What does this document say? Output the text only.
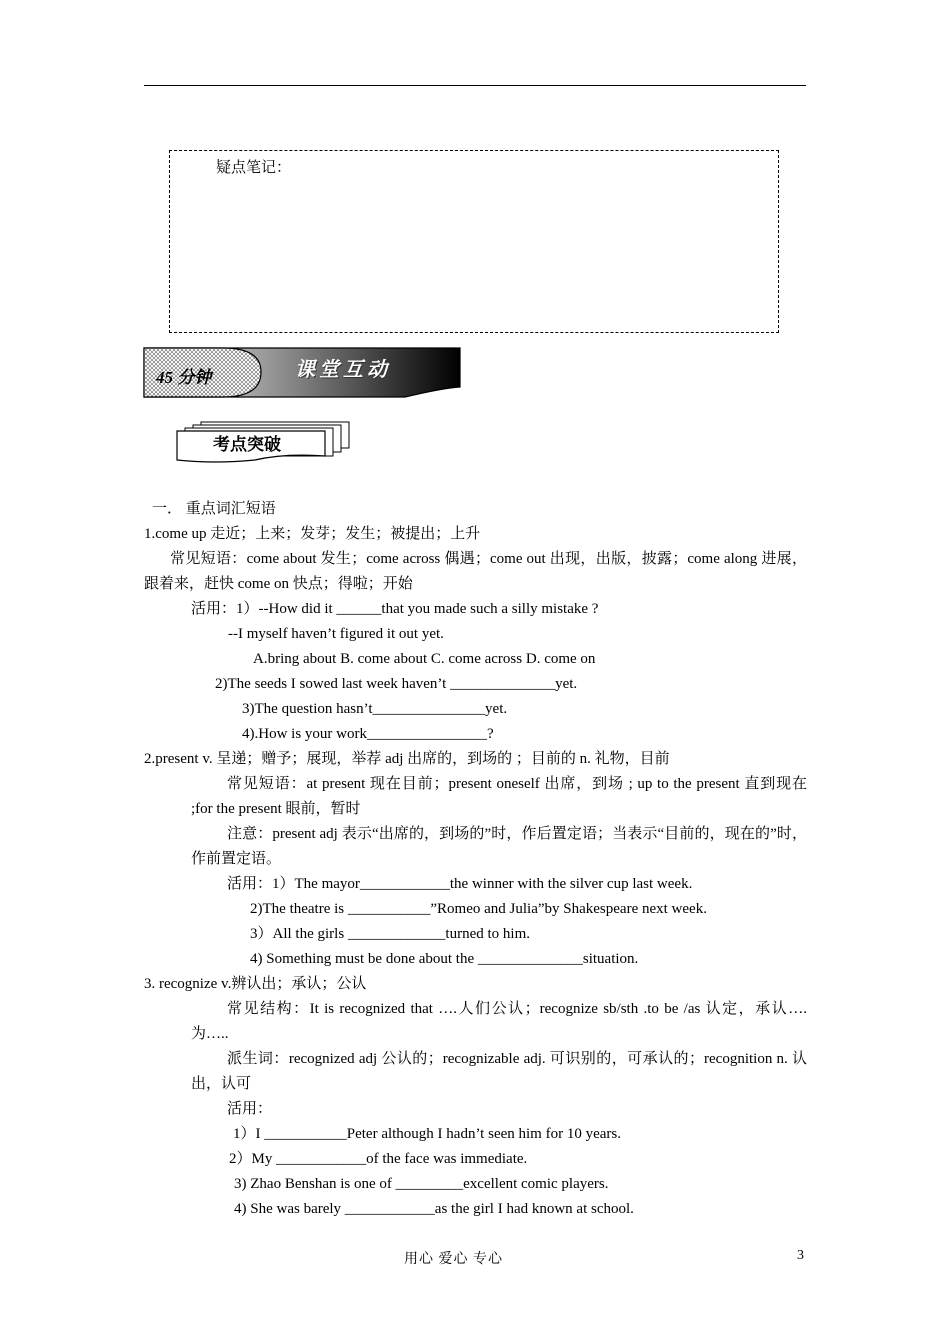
疑点笔记：
45 分钟	课堂互动
考点突破
一． 重点词汇短语
1.come up 走近；上来；发芽；发生；被提出；上升
常见短语：come about 发生；come across 偶遇；come out 出现，出版，披露；come along 进展，跟着来，赶快 come on 快点；得啦；开始
活用：1）--How did it ______that you made such a silly mistake ?
--I myself haven’t figured it out yet.
A.bring about B. come about C. come across D. come on
2)The seeds I sowed last week haven’t ______________yet.
3)The question hasn’t_______________yet.
4).How is your work________________?
2.present v. 呈递；赠予；展现，举荐 adj 出席的，到场的 ；目前的 n. 礼物，目前
常见短语：at present 现在目前；present oneself 出席，到场 ; up to the present 直到现在 ;for the present 眼前，暂时
注意：present adj 表示“出席的，到场的”时，作后置定语；当表示“目前的，现在的”时，作前置定语。
活用：1）The mayor____________the winner with the silver cup last week.
2)The theatre is ___________”Romeo and Julia”by Shakespeare next week.
3）All the girls _____________turned to him.
4) Something must be done about the ______________situation.
3. recognize v.辨认出；承认；公认
常见结构：It is recognized that ….人们公认；recognize sb/sth .to be /as 认定，承认….为…..
派生词：recognized adj 公认的；recognizable adj. 可识别的，可承认的；recognition n. 认出，认可
活用：
1）I ___________Peter although I hadn’t seen him for 10 years.
2）My ____________of the face was immediate.
3) Zhao Benshan is one of _________excellent comic players.
4) She was barely ____________as the girl I had known at school.
用心 爱心 专心	3
